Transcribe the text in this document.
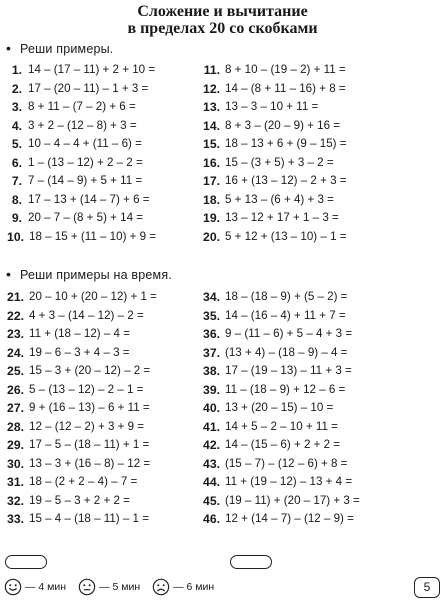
Сложение и вычитание
в пределах 20 со скобками
• Реши примеры.
1. 14 – (17 – 11) + 2 + 10 =
2. 17 – (20 – 11) – 1 + 3 =
3. 8 + 11 – (7 – 2) + 6 =
4. 3 + 2 – (12 – 8) + 3 =
5. 10 – 4 – 4 + (11 – 6) =
6. 1 – (13 – 12) + 2 – 2 =
7. 7 – (14 – 9) + 5 + 11 =
8. 17 – 13 + (14 – 7) + 6 =
9. 20 – 7 – (8 + 5) + 14 =
10. 18 – 15 + (11 – 10) + 9 =
11. 8 + 10 – (19 – 2) + 11 =
12. 14 – (8 + 11 – 16) + 8 =
13. 13 – 3 – 10 + 11 =
14. 8 + 3 – (20 – 9) + 16 =
15. 18 – 13 + 6 + (9 – 15) =
16. 15 – (3 + 5) + 3 – 2 =
17. 16 + (13 – 12) – 2 + 3 =
18. 5 + 13 – (6 + 4) + 3 =
19. 13 – 12 + 17 + 1 – 3 =
20. 5 + 12 + (13 – 10) – 1 =
• Реши примеры на время.
21. 20 – 10 + (20 – 12) + 1 =
22. 4 + 3 – (14 – 12) – 2 =
23. 11 + (18 – 12) – 4 =
24. 19 – 6 – 3 + 4 – 3 =
25. 15 – 3 + (20 – 12) – 2 =
26. 5 – (13 – 12) – 2 – 1 =
27. 9 + (16 – 13) – 6 + 11 =
28. 12 – (12 – 2) + 3 + 9 =
29. 17 – 5 – (18 – 11) + 1 =
30. 13 – 3 + (16 – 8) – 12 =
31. 18 – (2 + 2 – 4) – 7 =
32. 19 – 5 – 3 + 2 + 2 =
33. 15 – 4 – (18 – 11) – 1 =
34. 18 – (18 – 9) + (5 – 2) =
35. 14 – (16 – 4) + 11 + 7 =
36. 9 – (11 – 6) + 5 – 4 + 3 =
37. (13 + 4) – (18 – 9) – 4 =
38. 17 – (19 – 13) – 11 + 3 =
39. 11 – (18 – 9) + 12 – 6 =
40. 13 + (20 – 15) – 10 =
41. 14 + 5 – 2 – 10 + 11 =
42. 14 – (15 – 6) + 2 + 2 =
43. (15 – 7) – (12 – 6) + 8 =
44. 11 + (19 – 12) – 13 + 4 =
45. (19 – 11) + (20 – 17) + 3 =
46. 12 + (14 – 7) – (12 – 9) =
— 4 мин	— 5 мин	— 6 мин	5
